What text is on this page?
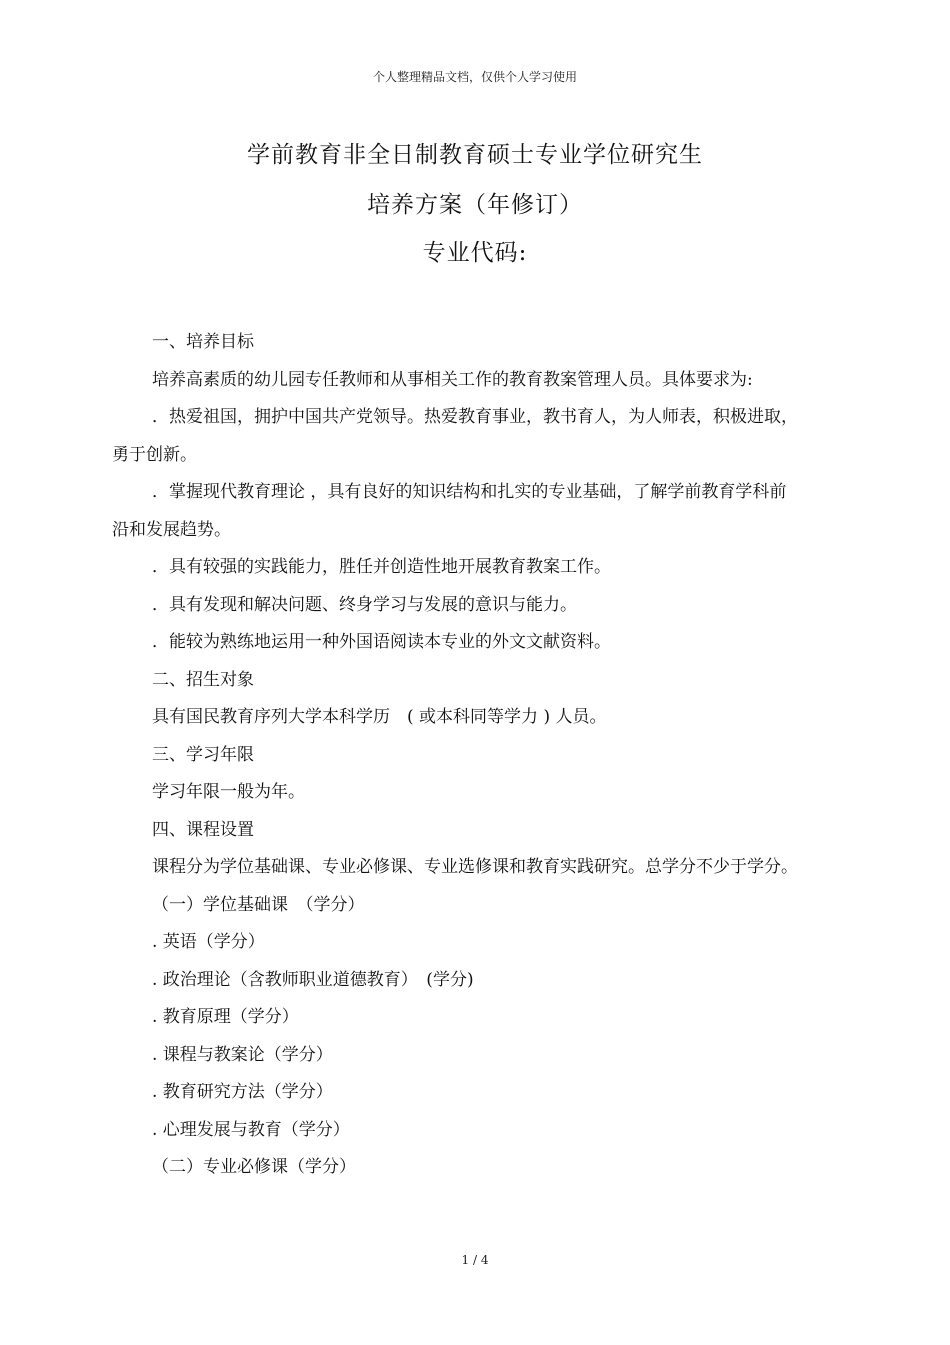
个人整理精品文档，仅供个人学习使用
学前教育非全日制教育硕士专业学位研究生
培养方案（年修订）
专业代码:

一、培养目标

培养高素质的幼儿园专任教师和从事相关工作的教育教案管理人员。具体要求为:

．热爱祖国，拥护中国共产党领导。热爱教育事业，教书育人，为人师表，积极进取，勇于创新。

．掌握现代教育理论 ，具有良好的知识结构和扎实的专业基础，了解学前教育学科前沿和发展趋势。

．具有较强的实践能力，胜任并创造性地开展教育教案工作。

．具有发现和解决问题、终身学习与发展的意识与能力。

．能较为熟练地运用一种外国语阅读本专业的外文文献资料。

二、招生对象

具有国民教育序列大学本科学历　( 或本科同等学力 ) 人员。

三、学习年限

学习年限一般为年。

四、课程设置

课程分为学位基础课、专业必修课、专业选修课和教育实践研究。总学分不少于学分。

（一）学位基础课　（学分）

. 英语（学分）

. 政治理论（含教师职业道德教育）　(学分)

. 教育原理（学分）

. 课程与教案论（学分）

. 教育研究方法（学分）

. 心理发展与教育（学分）

（二）专业必修课（学分）

1 / 4
